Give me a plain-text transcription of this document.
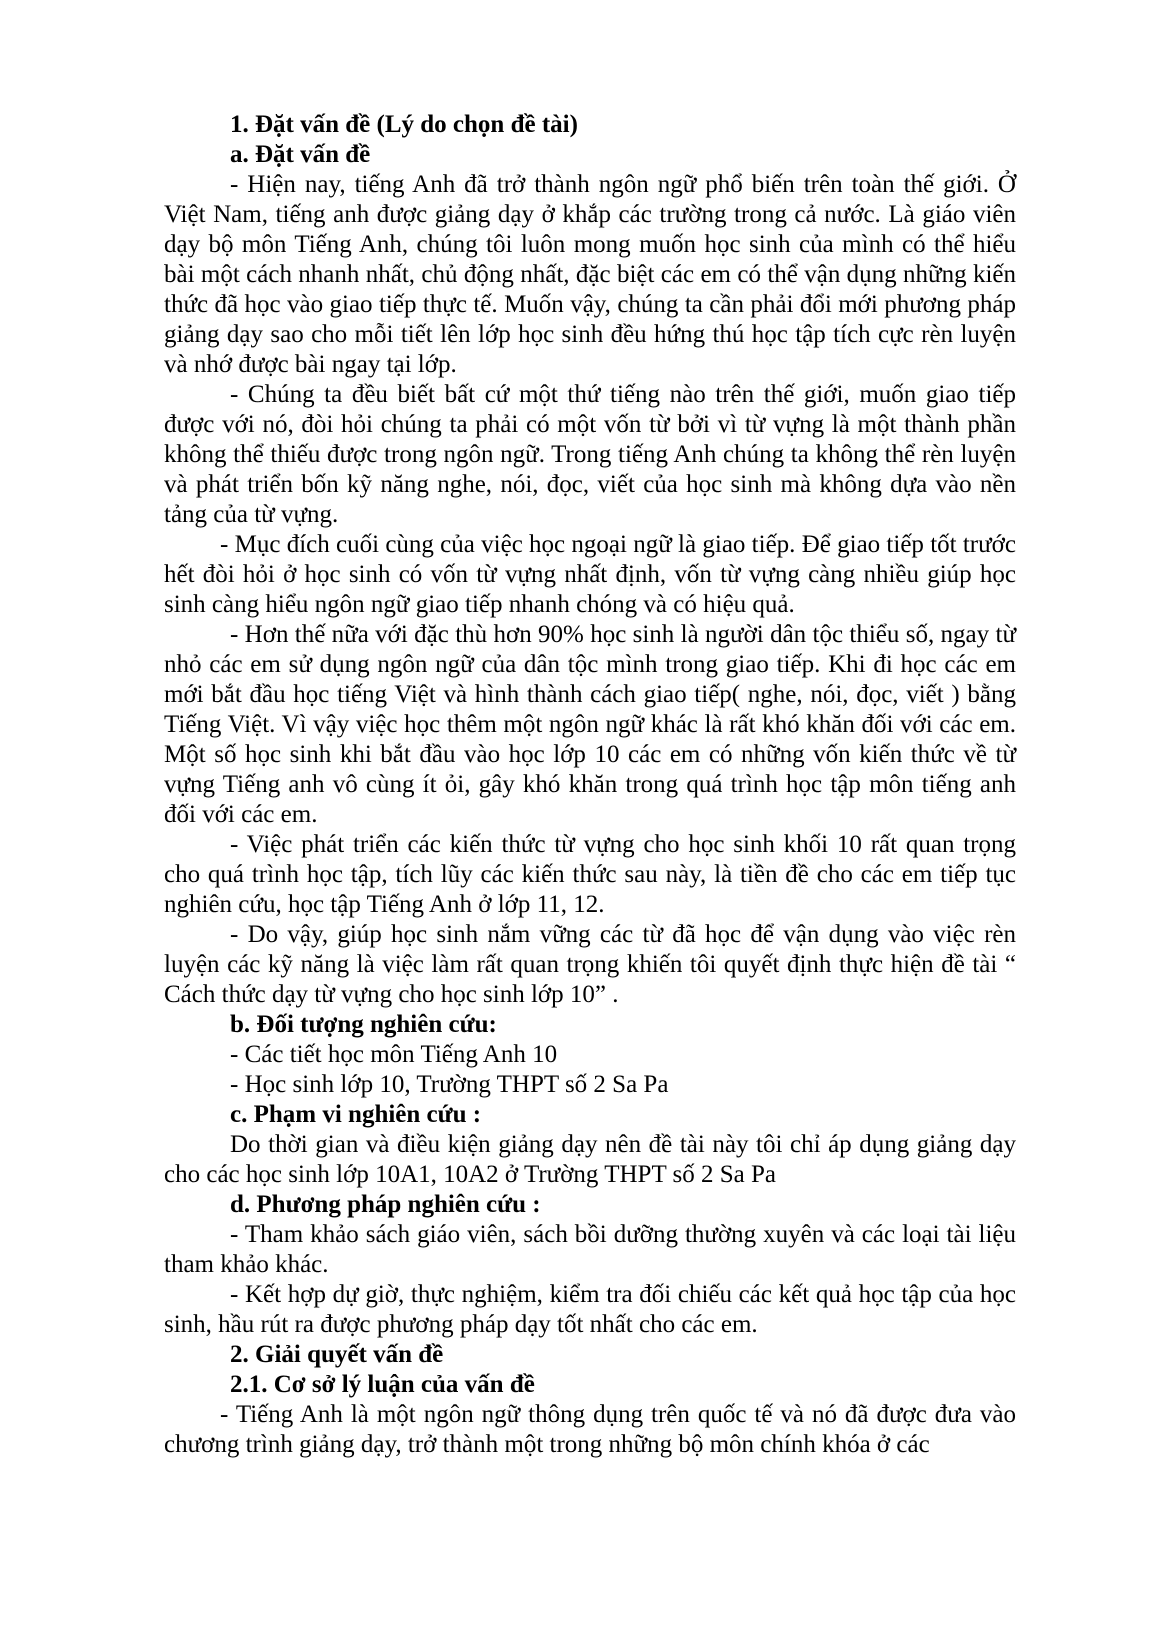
1. Đặt vấn đề (Lý do chọn đề tài)

a. Đặt vấn đề

- Hiện nay, tiếng Anh đã trở thành ngôn ngữ phổ biến trên toàn thế giới. Ở Việt Nam, tiếng anh được giảng dạy ở khắp các trường trong cả nước. Là giáo viên dạy bộ môn Tiếng Anh, chúng tôi luôn mong muốn học sinh của mình có thể hiểu bài một cách nhanh nhất, chủ động nhất, đặc biệt các em có thể vận dụng những kiến thức đã học vào giao tiếp thực tế. Muốn vậy, chúng ta cần phải đổi mới phương pháp giảng dạy sao cho mỗi tiết lên lớp học sinh đều hứng thú học tập tích cực rèn luyện và nhớ được bài ngay tại lớp.

- Chúng ta đều biết bất cứ một thứ tiếng nào trên thế giới, muốn giao tiếp được với nó, đòi hỏi chúng ta phải có một vốn từ bởi vì từ vựng là một thành phần không thể thiếu được trong ngôn ngữ. Trong tiếng Anh chúng ta không thể rèn luyện và phát triển bốn kỹ năng nghe, nói, đọc, viết của học sinh mà không dựa vào nền tảng của từ vựng.

- Mục đích cuối cùng của việc học ngoại ngữ là giao tiếp. Để giao tiếp tốt trước hết đòi hỏi ở học sinh có vốn từ vựng nhất định, vốn từ vựng càng nhiều giúp học sinh càng hiểu ngôn ngữ giao tiếp nhanh chóng và có hiệu quả.

- Hơn thế nữa với đặc thù hơn 90% học sinh là người dân tộc thiểu số, ngay từ nhỏ các em sử dụng ngôn ngữ của dân tộc mình trong giao tiếp. Khi đi học các em mới bắt đầu học tiếng Việt và hình thành cách giao tiếp( nghe, nói, đọc, viết ) bằng Tiếng Việt. Vì vậy việc học thêm một ngôn ngữ khác là rất khó khăn đối với các em. Một số học sinh khi bắt đầu vào học lớp 10 các em có những vốn kiến thức về từ vựng Tiếng anh vô cùng ít ỏi, gây khó khăn trong quá trình học tập môn tiếng anh đối với các em.

- Việc phát triển các kiến thức từ vựng cho học sinh khối 10 rất quan trọng cho quá trình học tập, tích lũy các kiến thức sau này, là tiền đề cho các em tiếp tục nghiên cứu, học tập Tiếng Anh ở lớp 11, 12.

- Do vậy, giúp học sinh nắm vững các từ đã học để vận dụng vào việc rèn luyện các kỹ năng là việc làm rất quan trọng khiến tôi quyết định thực hiện đề tài “ Cách thức dạy từ vựng cho học sinh lớp 10” .

b. Đối tượng nghiên cứu:

- Các tiết học môn Tiếng Anh 10

- Học sinh lớp 10, Trường THPT số 2 Sa Pa

c. Phạm vi nghiên cứu :

Do thời gian và điều kiện giảng dạy nên đề tài này tôi chỉ áp dụng giảng dạy cho các học sinh lớp 10A1, 10A2 ở Trường THPT số 2 Sa Pa

d. Phương pháp nghiên cứu :

- Tham khảo sách giáo viên, sách bồi dưỡng thường xuyên và các loại tài liệu tham khảo khác.

- Kết hợp dự giờ, thực nghiệm, kiểm tra đối chiếu các kết quả học tập của học sinh, hầu rút ra được phương pháp dạy tốt nhất cho các em.

2. Giải quyết vấn đề

2.1. Cơ sở lý luận của vấn đề

- Tiếng Anh là một ngôn ngữ thông dụng trên quốc tế và nó đã được đưa vào chương trình giảng dạy, trở thành một trong những bộ môn chính khóa ở các
